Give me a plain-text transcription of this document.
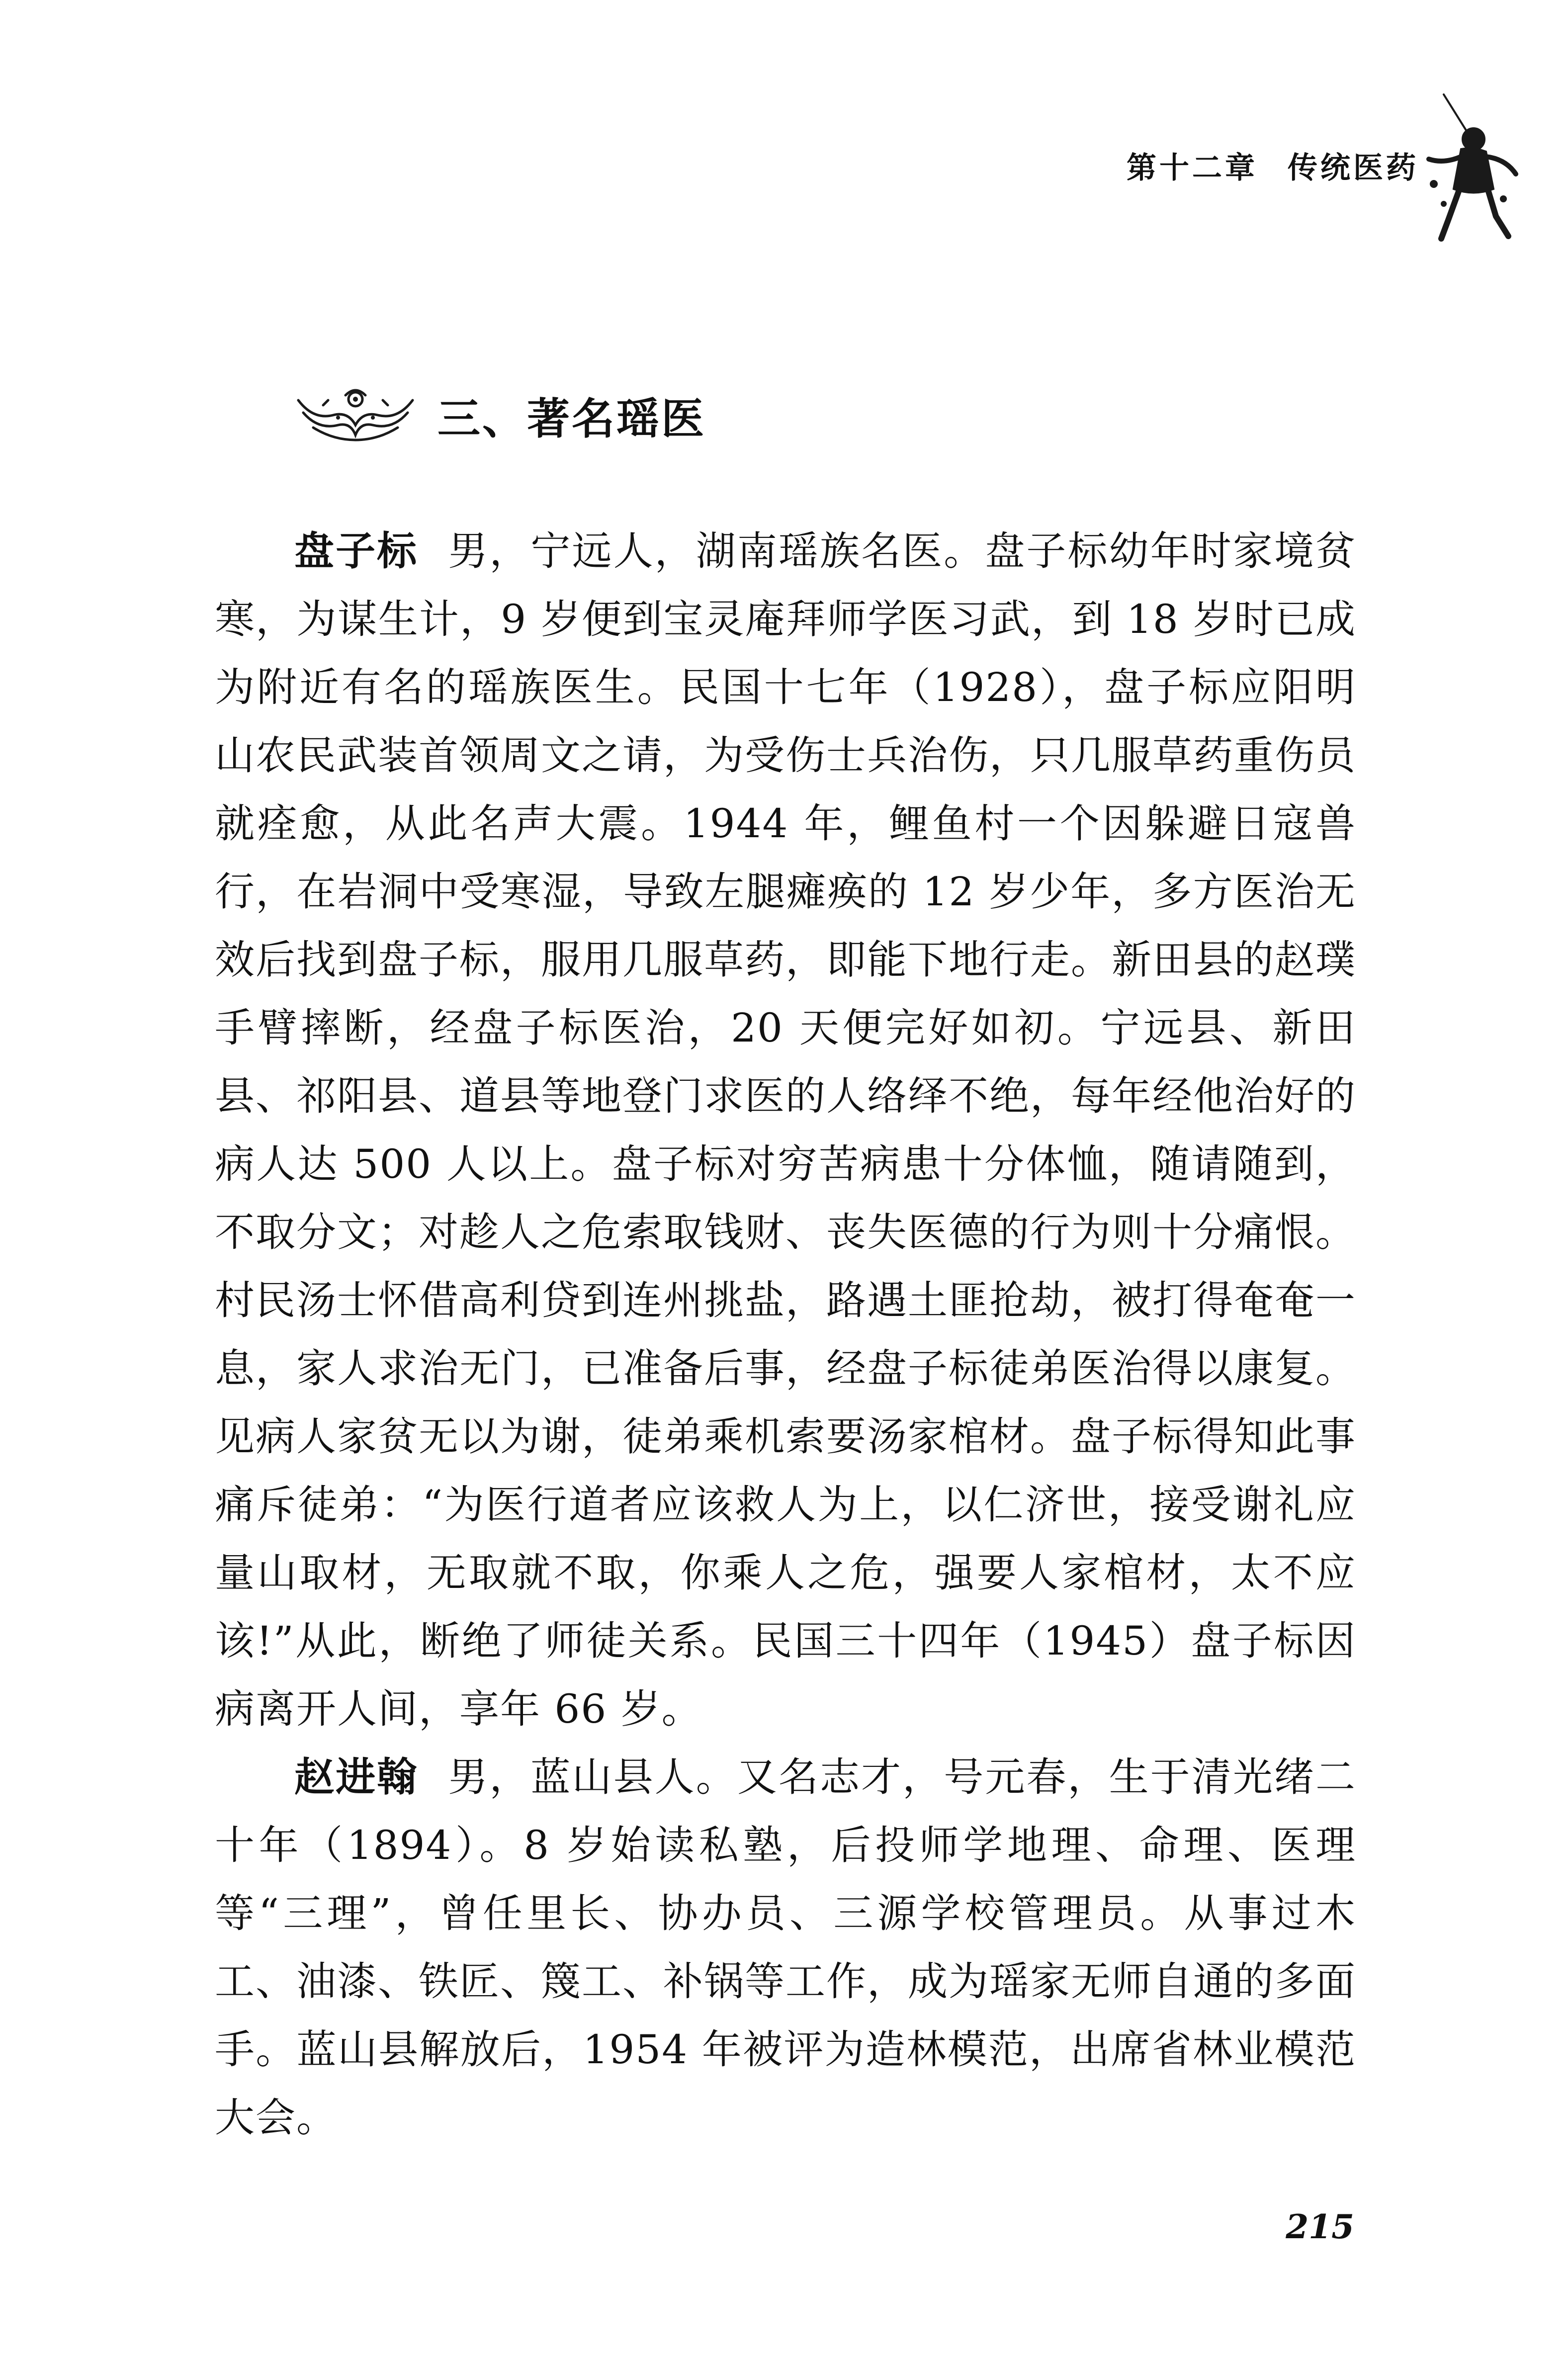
第十二章 传统医药
三、著名瑶医

盘子标 男，宁远人，湖南瑶族名医。盘子标幼年时家境贫寒，为谋生计，9 岁便到宝灵庵拜师学医习武，到 18 岁时已成为附近有名的瑶族医生。民国十七年（1928），盘子标应阳明山农民武装首领周文之请，为受伤士兵治伤，只几服草药重伤员就痊愈，从此名声大震。1944 年，鲤鱼村一个因躲避日寇兽行，在岩洞中受寒湿，导致左腿瘫痪的 12 岁少年，多方医治无效后找到盘子标，服用几服草药，即能下地行走。新田县的赵璞手臂摔断，经盘子标医治，20 天便完好如初。宁远县、新田县、祁阳县、道县等地登门求医的人络绎不绝，每年经他治好的病人达 500 人以上。盘子标对穷苦病患十分体恤，随请随到，不取分文；对趁人之危索取钱财、丧失医德的行为则十分痛恨。村民汤士怀借高利贷到连州挑盐，路遇土匪抢劫，被打得奄奄一息，家人求治无门，已准备后事，经盘子标徒弟医治得以康复。见病人家贫无以为谢，徒弟乘机索要汤家棺材。盘子标得知此事痛斥徒弟：“为医行道者应该救人为上，以仁济世，接受谢礼应量山取材，无取就不取，你乘人之危，强要人家棺材，太不应该!”从此，断绝了师徒关系。民国三十四年（1945）盘子标因病离开人间，享年 66 岁。

赵进翰 男，蓝山县人。又名志才，号元春，生于清光绪二十年（1894）。8 岁始读私塾，后投师学地理、命理、医理等“三理”，曾任里长、协办员、三源学校管理员。从事过木工、油漆、铁匠、篾工、补锅等工作，成为瑶家无师自通的多面手。蓝山县解放后，1954 年被评为造林模范，出席省林业模范大会。

215
